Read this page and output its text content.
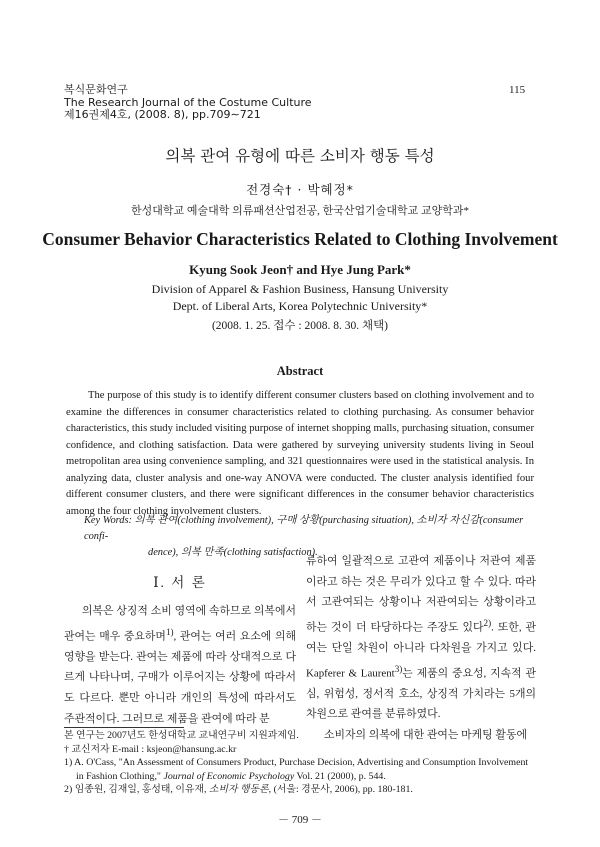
복식문화연구
The Research Journal of the Costume Culture
제16권제4호, (2008. 8), pp.709∼721
115
의복 관여 유형에 따른 소비자 행동 특성
전경숙† · 박혜정*
한성대학교 예술대학 의류패션산업전공, 한국산업기술대학교 교양학과*
Consumer Behavior Characteristics Related to Clothing Involvement
Kyung Sook Jeon† and Hye Jung Park*
Division of Apparel & Fashion Business, Hansung University
Dept. of Liberal Arts, Korea Polytechnic University*
(2008. 1. 25. 접수 : 2008. 8. 30. 채택)
Abstract

The purpose of this study is to identify different consumer clusters based on clothing involvement and to examine the differences in consumer characteristics related to clothing purchasing. As consumer behavior characteristics, this study included visiting purpose of internet shopping malls, purchasing situation, consumer confidence, and clothing satisfaction. Data were gathered by surveying university students living in Seoul metropolitan area using convenience sampling, and 321 questionnaires were used in the statistical analysis. In analyzing data, cluster analysis and one-way ANOVA were conducted. The cluster analysis identified four different consumer clusters, and there were significant differences in the consumer behavior characteristics among the four clothing involvement clusters.

Key Words: 의복 관여(clothing involvement), 구매 상황(purchasing situation), 소비자 자신감(consumer confi-
dence), 의복 만족(clothing satisfaction).
Ⅰ. 서 론

의복은 상징적 소비 영역에 속하므로 의복에서 관여는 매우 중요하며$^{1)}$, 관여는 여러 요소에 의해 영향을 받는다. 관여는 제품에 따라 상대적으로 다르게 나타나며, 구매가 이루어지는 상황에 따라서도 다르다. 뿐만 아니라 개인의 특성에 따라서도 주관적이다. 그러므로 제품을 관여에 따라 분

류하여 일괄적으로 고관여 제품이나 저관여 제품이라고 하는 것은 무리가 있다고 할 수 있다. 따라서 고관여되는 상황이나 저관여되는 상황이라고 하는 것이 더 타당하다는 주장도 있다$^{2)}$. 또한, 관여는 단일 차원이 아니라 다차원을 가지고 있다. Kapferer & Laurent$^{3)}$는 제품의 중요성, 지속적 관심, 위험성, 정서적 호소, 상징적 가치라는 5개의 차원으로 관여를 분류하였다.

소비자의 의복에 대한 관여는 마케팅 활동에

본 연구는 2007년도 한성대학교 교내연구비 지원과제임.
† 교신저자 E-mail : ksjeon@hansung.ac.kr
1) A. O'Cass, "An Assessment of Consumers Product, Purchase Decision, Advertising and Consumption Involvement in Fashion Clothing," Journal of Economic Psychology Vol. 21 (2000), p. 544.
2) 임종원, 김재일, 홍성태, 이유재, 소비자 행동론, (서울: 경문사, 2006), pp. 180-181.
－ 709 －
